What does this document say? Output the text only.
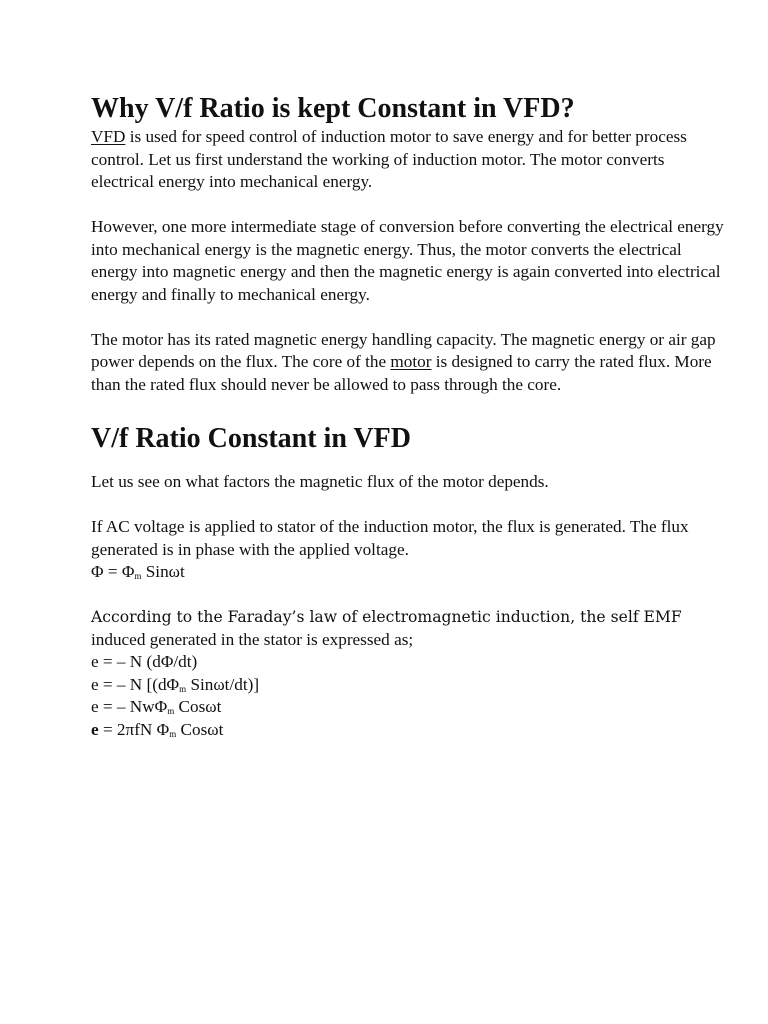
Why V/f Ratio is kept Constant in VFD?

VFD is used for speed control of induction motor to save energy and for better process control. Let us first understand the working of induction motor. The motor converts electrical energy into mechanical energy.

However, one more intermediate stage of conversion before converting the electrical energy into mechanical energy is the magnetic energy. Thus, the motor converts the electrical energy into magnetic energy and then the magnetic energy is again converted into electrical energy and finally to mechanical energy.

The motor has its rated magnetic energy handling capacity. The magnetic energy or air gap power depends on the flux. The core of the motor is designed to carry the rated flux. More than the rated flux should never be allowed to pass through the core.

V/f Ratio Constant in VFD

Let us see on what factors the magnetic flux of the motor depends.

If AC voltage is applied to stator of the induction motor, the flux is generated. The flux generated is in phase with the applied voltage.

$\Phi = \Phi_m$ Sinωt

According to the Faraday’s law of electromagnetic induction, the self EMF induced generated in the stator is expressed as;

e = – N (dΦ/dt)

e = – N [($d\Phi_m$ Sinωt/dt)]

e = – NwΦ$_m$ Cosωt

e = 2πfN $\Phi_m$ Cosωt
